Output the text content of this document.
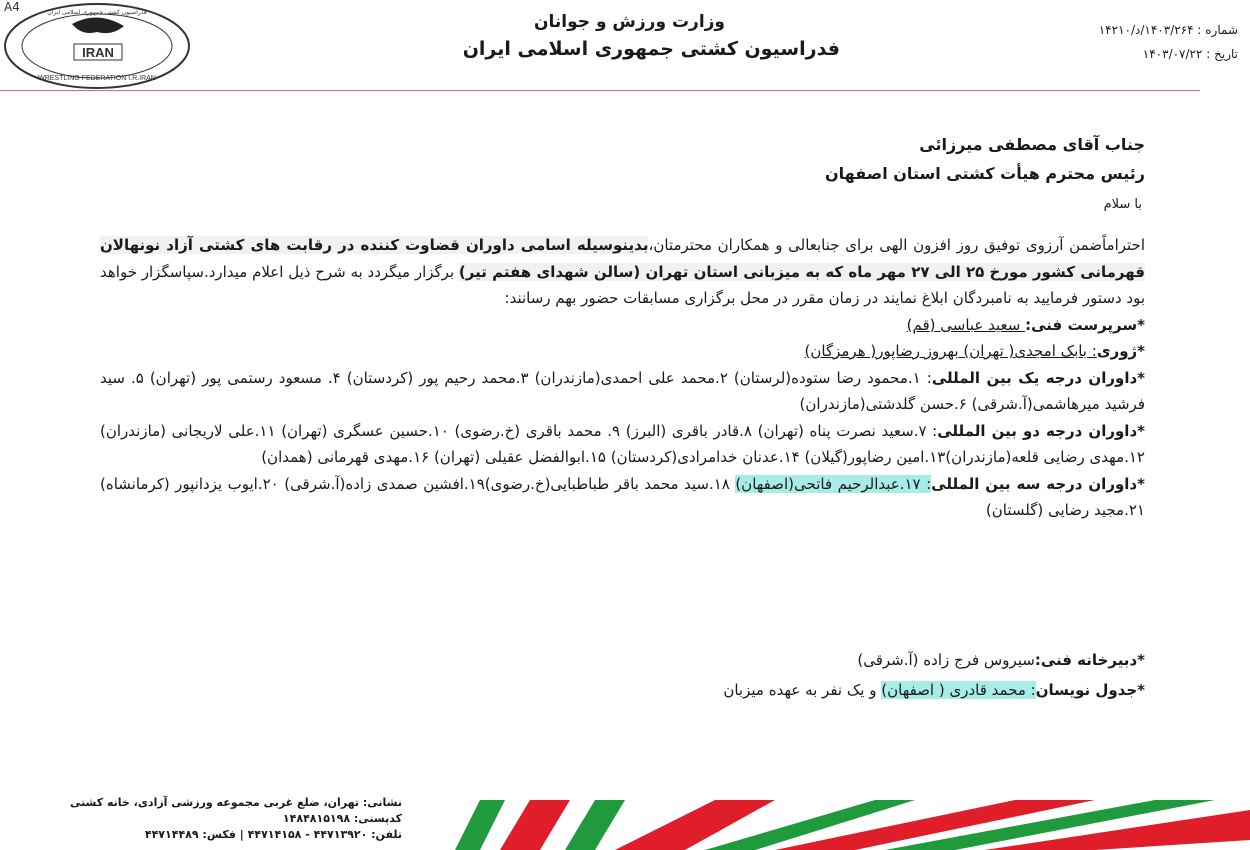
A4
IRAN
WRESTLING FEDERATION I.R.IRAN
فدراسیون کشتی جمهوری اسلامی ایران	وزارت ورزش و جوانان
فدراسیون کشتی جمهوری اسلامی ایران
شماره : ۱۴۰۳/۲۶۴/د/۱۴۲۱۰
تاریخ : ۱۴۰۳/۰۷/۲۲
جناب آقای مصطفی میرزائی
رئیس محترم هیأت کشتی استان اصفهان
با سلام
احتراماًضمن آرزوی توفیق روز افزون الهی برای جنابعالی و همکاران محترمتان،بدینوسیله اسامی داوران قضاوت کننده در رقابت های کشتی آزاد نونهالان قهرمانی کشور مورخ ۲۵ الی ۲۷ مهر ماه که به میزبانی استان تهران (سالن شهدای هفتم تیر) برگزار میگردد به شرح ذیل اعلام میدارد.سپاسگزار خواهد بود دستور فرمایید به نامبردگان ابلاغ نمایند در زمان مقرر در محل برگزاری مسابقات حضور بهم رسانند:
*سرپرست فنی: سعید عباسی (قم)
*ژوری: بابک امجدی( تهران) بهروز رضاپور( هرمزگان)
*داوران درجه یک بین المللی: ۱.محمود رضا ستوده(لرستان) ۲.محمد علی احمدی(مازندران) ۳.محمد رحیم پور (کردستان) ۴. مسعود رستمی پور (تهران) ۵. سید فرشید میرهاشمی(آ.شرقی) ۶.حسن گلدشتی(مازندران)
*داوران درجه دو بین المللی: ۷.سعید نصرت پناه (تهران) ۸.قادر باقری (البرز) ۹. محمد باقری (خ.رضوی) ۱۰.حسین عسگری (تهران) ۱۱.علی لاریجانی (مازندران) ۱۲.مهدی رضایی قلعه(مازندران)۱۳.امین رضاپور(گیلان) ۱۴.عدنان خدامرادی(کردستان) ۱۵.ابوالفضل عقیلی (تهران) ۱۶.مهدی قهرمانی (همدان)
*داوران درجه سه بین المللی: ۱۷.عبدالرحیم فاتحی(اصفهان) ۱۸.سید محمد باقر طباطبایی(خ.رضوی)۱۹.افشین صمدی زاده(آ.شرقی) ۲۰.ایوب یزدانپور (کرمانشاه) ۲۱.مجید رضایی (گلستان)
*دبیرخانه فنی:سیروس فرج زاده (آ.شرقی)
*جدول نویسان: محمد قادری ( اصفهان) و یک نفر به عهده میزبان
نشانی: تهران، ضلع غربی مجموعه ورزشی آزادی، خانه کشتی
کدپستی: ۱۴۸۴۸۱۵۱۹۸
تلفن: ۴۴۷۱۳۹۲۰ - ۴۴۷۱۴۱۵۸ | فکس: ۴۴۷۱۴۴۸۹
